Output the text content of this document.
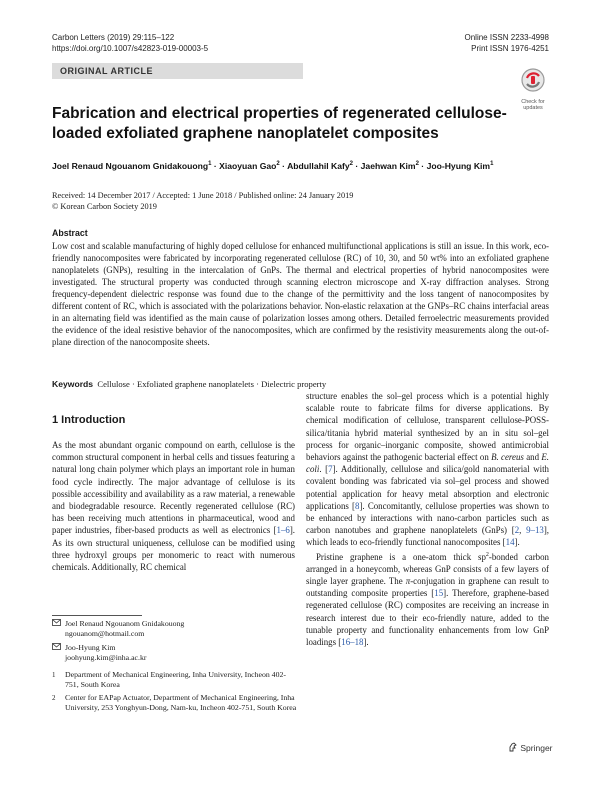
Carbon Letters (2019) 29:115–122
https://doi.org/10.1007/s42823-019-00003-5
Online ISSN 2233-4998
Print ISSN 1976-4251
ORIGINAL ARTICLE
Check for updates
Fabrication and electrical properties of regenerated cellulose-loaded exfoliated graphene nanoplatelet composites
Joel Renaud Ngouanom Gnidakouong$^1$ · Xiaoyuan Gao$^2$ · Abdullahil Kafy$^2$ · Jaehwan Kim$^2$ · Joo-Hyung Kim$^1$
Received: 14 December 2017 / Accepted: 1 June 2018 / Published online: 24 January 2019
© Korean Carbon Society 2019
Abstract
Low cost and scalable manufacturing of highly doped cellulose for enhanced multifunctional applications is still an issue. In this work, eco-friendly nanocomposites were fabricated by incorporating regenerated cellulose (RC) of 10, 30, and 50 wt% into an exfoliated graphene nanoplatelets (GNPs), resulting in the intercalation of GnPs. The thermal and electrical properties of hybrid nanocomposites were investigated. The structural property was conducted through scanning electron microscope and X-ray diffraction analyses. Strong frequency-dependent dielectric response was found due to the change of the permittivity and the loss tangent of nanocomposites by different content of RC, which is associated with the polarizations behavior. Non-elastic relaxation at the GNPs–RC chains interfacial areas in an alternating field was identified as the main cause of polarization losses among others. Detailed ferroelectric measurements provided the evidence of the ideal resistive behavior of the nanocomposites, which are confirmed by the resistivity measurements along the out-of-plane direction of the nanocomposite sheets.
Keywords Cellulose · Exfoliated graphene nanoplatelets · Dielectric property
1 Introduction
As the most abundant organic compound on earth, cellulose is the common structural component in herbal cells and tissues featuring a natural long chain polymer which plays an important role in human food cycle indirectly. The major advantage of cellulose is its possible accessibility and availability as a raw material, a renewable and biodegradable resource. Recently regenerated cellulose (RC) has been receiving much attentions in pharmaceutical, wood and paper industries, fiber-based products as well as electronics [1–6]. As its own structural uniqueness, cellulose can be modified using three hydroxyl groups per monomeric to react with numerous chemicals. Additionally, RC chemical

structure enables the sol–gel process which is a potential highly scalable route to fabricate films for diverse applications. By chemical modification of cellulose, transparent cellulose-POSS-silica/titania hybrid material synthesized by an in situ sol–gel process for organic–inorganic composite, showed antimicrobial behaviors against the pathogenic bacterial effect on B. cereus and E. coli. [7]. Additionally, cellulose and silica/gold nanomaterial with covalent bonding was fabricated via sol–gel process and showed potential application for heavy metal absorption and electronic applications [8]. Concomitantly, cellulose properties was shown to be enhanced by interactions with nano-carbon particles such as carbon nanotubes and graphene nanoplatelets (GnPs) [2, 9–13], which leads to eco-friendly functional nanocomposites [14].

Pristine graphene is a one-atom thick $sp^2$-bonded carbon arranged in a honeycomb, whereas GnP consists of a few layers of single layer graphene. The π-conjugation in graphene can result to outstanding composite properties [15]. Therefore, graphene-based regenerated cellulose (RC) composites are receiving an increase in research interest due to their eco-friendly nature, added to the tunable property and functionality enhancements from low GnP loadings [16–18].

Joel Renaud Ngouanom Gnidakouong
ngouanom@hotmail.com
Joo-Hyung Kim
joohyung.kim@inha.ac.kr
1 Department of Mechanical Engineering, Inha University, Incheon 402-751, South Korea
2 Center for EAPap Actuator, Department of Mechanical Engineering, Inha University, 253 Yonghyun-Dong, Nam-ku, Incheon 402-751, South Korea
Springer
